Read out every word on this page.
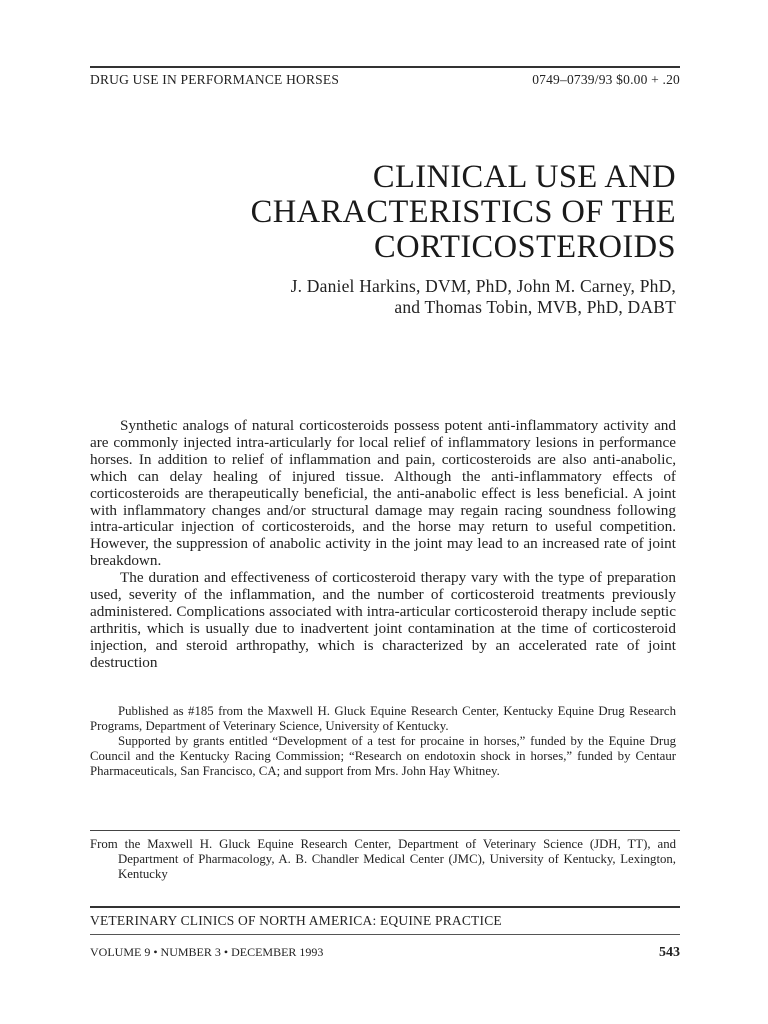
DRUG USE IN PERFORMANCE HORSES	0749–0739/93 $0.00 + .20
CLINICAL USE AND
CHARACTERISTICS OF THE
CORTICOSTEROIDS
J. Daniel Harkins, DVM, PhD, John M. Carney, PhD,
and Thomas Tobin, MVB, PhD, DABT

Synthetic analogs of natural corticosteroids possess potent anti-inflammatory activity and are commonly injected intra-articularly for local relief of inflammatory lesions in performance horses. In addition to relief of inflammation and pain, corticosteroids are also anti-anabolic, which can delay healing of injured tissue. Although the anti-inflammatory effects of corticosteroids are therapeutically beneficial, the anti-anabolic effect is less beneficial. A joint with inflammatory changes and/or structural damage may regain racing soundness following intra-articular injection of corticosteroids, and the horse may return to useful competition. However, the suppression of anabolic activity in the joint may lead to an increased rate of joint breakdown.

The duration and effectiveness of corticosteroid therapy vary with the type of preparation used, severity of the inflammation, and the number of corticosteroid treatments previously administered. Complications associated with intra-articular corticosteroid therapy include septic arthritis, which is usually due to inadvertent joint contamination at the time of corticosteroid injection, and steroid arthropathy, which is characterized by an accelerated rate of joint destruction

Published as #185 from the Maxwell H. Gluck Equine Research Center, Kentucky Equine Drug Research Programs, Department of Veterinary Science, University of Kentucky.

Supported by grants entitled “Development of a test for procaine in horses,” funded by the Equine Drug Council and the Kentucky Racing Commission; “Research on endotoxin shock in horses,” funded by Centaur Pharmaceuticals, San Francisco, CA; and support from Mrs. John Hay Whitney.

From the Maxwell H. Gluck Equine Research Center, Department of Veterinary Science (JDH, TT), and Department of Pharmacology, A. B. Chandler Medical Center (JMC), University of Kentucky, Lexington, Kentucky

VETERINARY CLINICS OF NORTH AMERICA: EQUINE PRACTICE
VOLUME 9 • NUMBER 3 • DECEMBER 1993	543
